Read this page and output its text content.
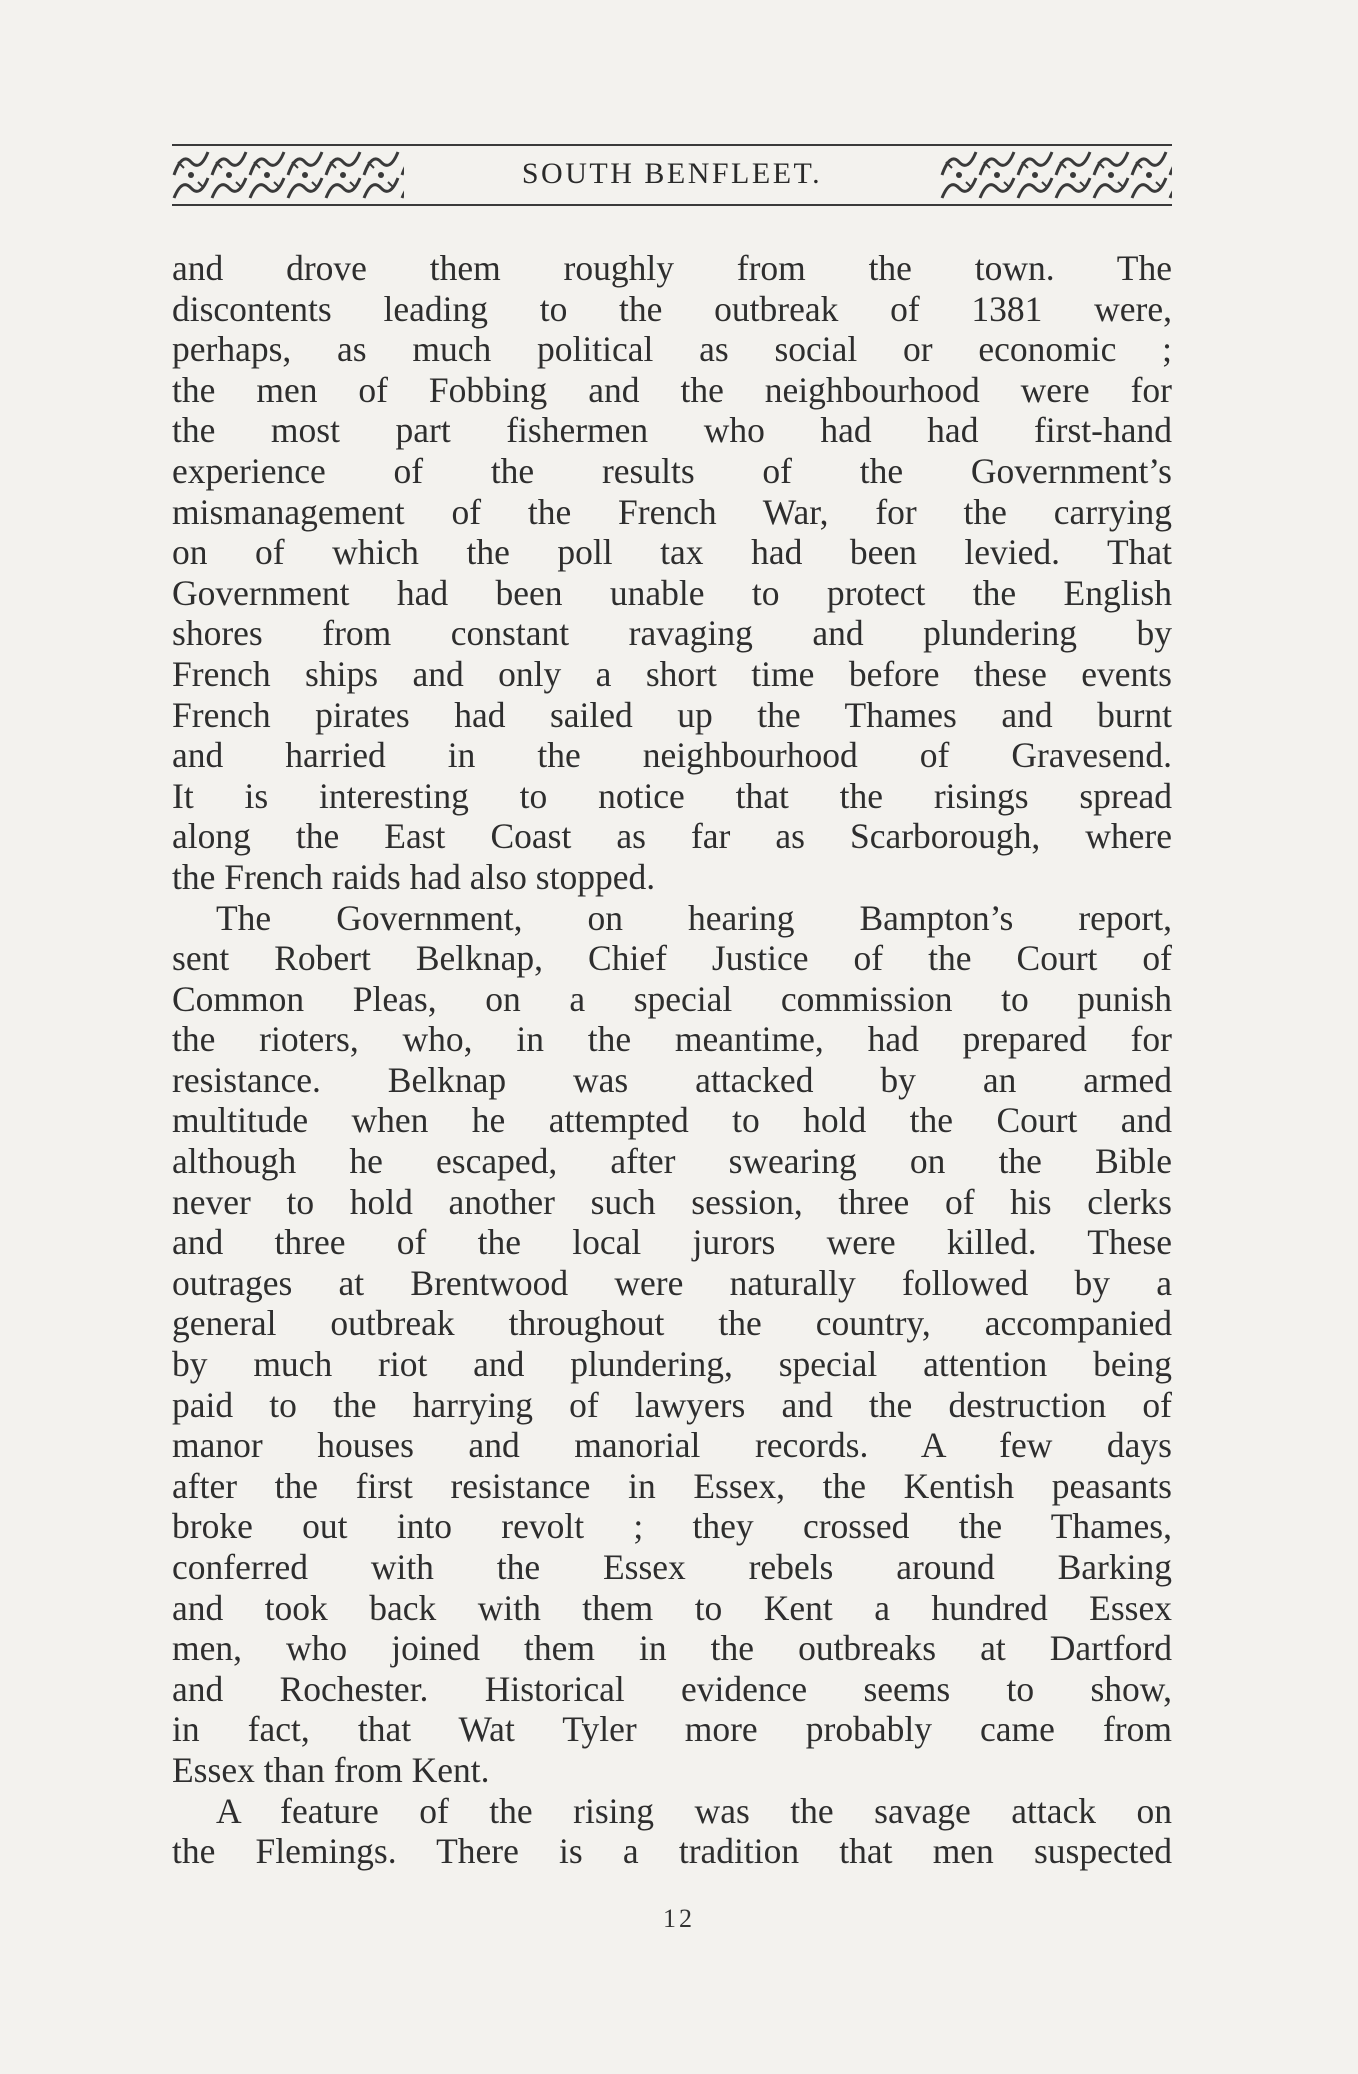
SOUTH BENFLEET.
and drove them roughly from the town. The
discontents leading to the outbreak of 1381 were,
perhaps, as much political as social or economic ;
the men of Fobbing and the neighbourhood were for
the most part fishermen who had had first-hand
experience of the results of the Government’s
mismanagement of the French War, for the carrying
on of which the poll tax had been levied. That
Government had been unable to protect the English
shores from constant ravaging and plundering by
French ships and only a short time before these events
French pirates had sailed up the Thames and burnt
and harried in the neighbourhood of Gravesend.
It is interesting to notice that the risings spread
along the East Coast as far as Scarborough, where
the French raids had also stopped.
The Government, on hearing Bampton’s report,
sent Robert Belknap, Chief Justice of the Court of
Common Pleas, on a special commission to punish
the rioters, who, in the meantime, had prepared for
resistance. Belknap was attacked by an armed
multitude when he attempted to hold the Court and
although he escaped, after swearing on the Bible
never to hold another such session, three of his clerks
and three of the local jurors were killed. These
outrages at Brentwood were naturally followed by a
general outbreak throughout the country, accompanied
by much riot and plundering, special attention being
paid to the harrying of lawyers and the destruction of
manor houses and manorial records. A few days
after the first resistance in Essex, the Kentish peasants
broke out into revolt ; they crossed the Thames,
conferred with the Essex rebels around Barking
and took back with them to Kent a hundred Essex
men, who joined them in the outbreaks at Dartford
and Rochester. Historical evidence seems to show,
in fact, that Wat Tyler more probably came from
Essex than from Kent.
A feature of the rising was the savage attack on
the Flemings. There is a tradition that men suspected
12
